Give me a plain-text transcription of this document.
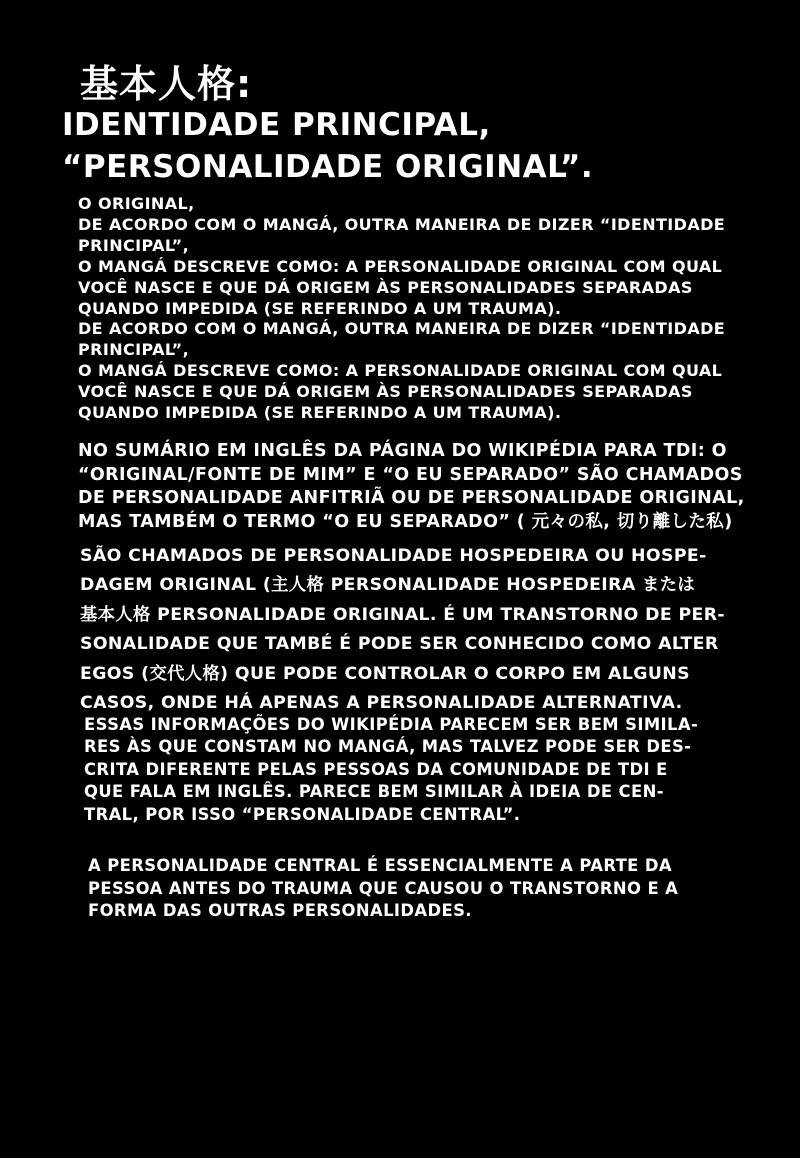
基本人格:
IDENTIDADE PRINCIPAL, “PERSONALIDADE ORIGINAL”.

O ORIGINAL,

DE ACORDO COM O MANGÁ, OUTRA MANEIRA DE DIZER “IDENTIDADE

PRINCIPAL”,

O MANGÁ DESCREVE COMO: A PERSONALIDADE ORIGINAL COM QUAL

VOCÊ NASCE E QUE DÁ ORIGEM ÀS PERSONALIDADES SEPARADAS

QUANDO IMPEDIDA (SE REFERINDO A UM TRAUMA).

DE ACORDO COM O MANGÁ, OUTRA MANEIRA DE DIZER “IDENTIDADE

PRINCIPAL”,

O MANGÁ DESCREVE COMO: A PERSONALIDADE ORIGINAL COM QUAL

VOCÊ NASCE E QUE DÁ ORIGEM ÀS PERSONALIDADES SEPARADAS

QUANDO IMPEDIDA (SE REFERINDO A UM TRAUMA).

NO SUMÁRIO EM INGLÊS DA PÁGINA DO WIKIPÉDIA PARA TDI: O

“ORIGINAL/FONTE DE MIM” E “O EU SEPARADO” SÃO CHAMADOS

DE PERSONALIDADE ANFITRIÃ OU DE PERSONALIDADE ORIGINAL,

MAS TAMBÉM O TERMO “O EU SEPARADO” ( 元々の私, 切り離した私)

SÃO CHAMADOS DE PERSONALIDADE HOSPEDEIRA OU HOSPE-

DAGEM ORIGINAL (主人格 PERSONALIDADE HOSPEDEIRA または

基本人格 PERSONALIDADE ORIGINAL. É UM TRANSTORNO DE PER-

SONALIDADE QUE TAMBÉ É PODE SER CONHECIDO COMO ALTER

EGOS (交代人格) QUE PODE CONTROLAR O CORPO EM ALGUNS

CASOS, ONDE HÁ APENAS A PERSONALIDADE ALTERNATIVA.

ESSAS INFORMAÇÕES DO WIKIPÉDIA PARECEM SER BEM SIMILA-

RES ÀS QUE CONSTAM NO MANGÁ, MAS TALVEZ PODE SER DES-

CRITA DIFERENTE PELAS PESSOAS DA COMUNIDADE DE TDI E

QUE FALA EM INGLÊS. PARECE BEM SIMILAR À IDEIA DE CEN-

TRAL, POR ISSO “PERSONALIDADE CENTRAL”.

A PERSONALIDADE CENTRAL É ESSENCIALMENTE A PARTE DA

PESSOA ANTES DO TRAUMA QUE CAUSOU O TRANSTORNO E A

FORMA DAS OUTRAS PERSONALIDADES.
